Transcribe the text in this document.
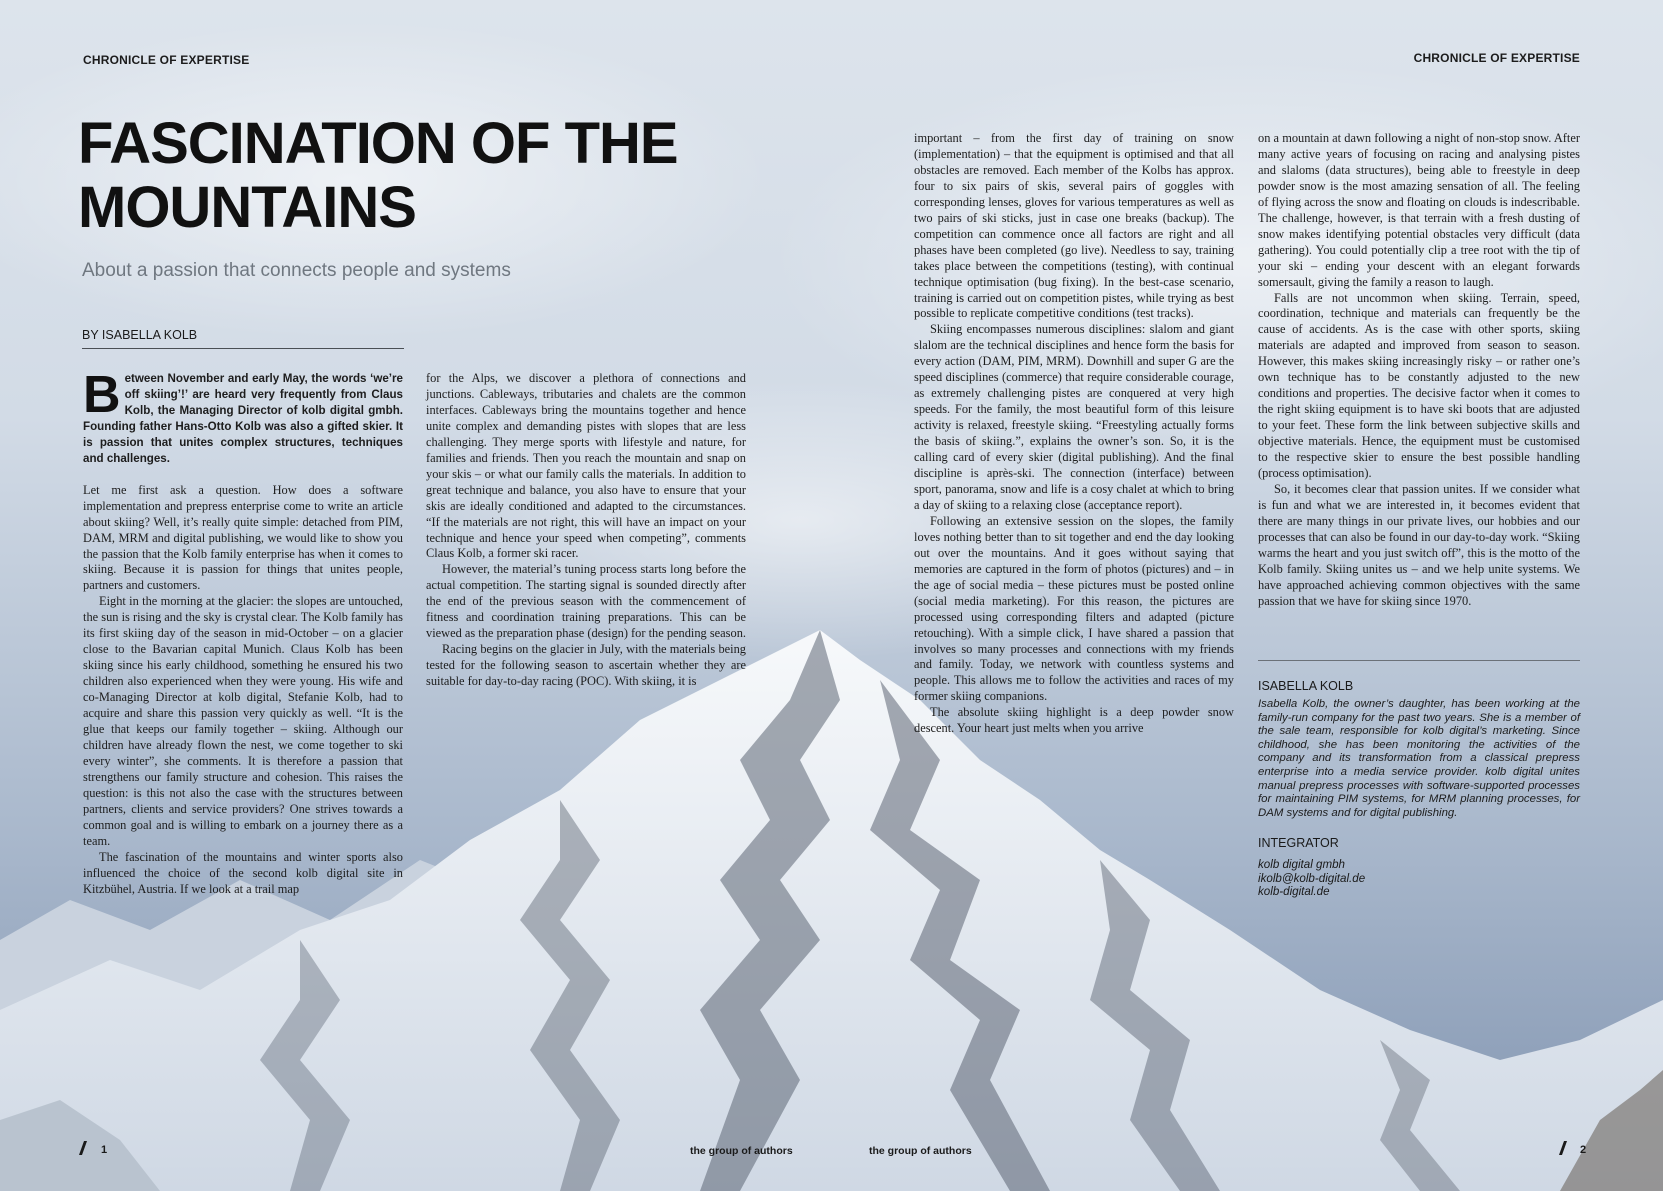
CHRONICLE OF EXPERTISE	CHRONICLE OF EXPERTISE
FASCINATION OF THE MOUNTAINS
About a passion that connects people and systems
BY ISABELLA KOLB

Between November and early May, the words ‘we’re off skiing’!’ are heard very frequently from Claus Kolb, the Managing Director of kolb digital gmbh. Founding father Hans-Otto Kolb was also a gifted skier. It is passion that unites complex structures, techniques and challenges.

Let me first ask a question. How does a software implementation and prepress enterprise come to write an article about skiing? Well, it’s really quite simple: detached from PIM, DAM, MRM and digital publishing, we would like to show you the passion that the Kolb family enterprise has when it comes to skiing. Because it is passion for things that unites people, partners and customers.

Eight in the morning at the glacier: the slopes are untouched, the sun is rising and the sky is crystal clear. The Kolb family has its first skiing day of the season in mid-October – on a glacier close to the Bavarian capital Munich. Claus Kolb has been skiing since his early childhood, something he ensured his two children also experienced when they were young. His wife and co-Managing Director at kolb digital, Stefanie Kolb, had to acquire and share this passion very quickly as well. “It is the glue that keeps our family together – skiing. Although our children have already flown the nest, we come together to ski every winter”, she comments. It is therefore a passion that strengthens our family structure and cohesion. This raises the question: is this not also the case with the structures between partners, clients and service providers? One strives towards a common goal and is willing to embark on a journey there as a team.

The fascination of the mountains and winter sports also influenced the choice of the second kolb digital site in Kitzbühel, Austria. If we look at a trail map

for the Alps, we discover a plethora of connections and junctions. Cableways, tributaries and chalets are the common interfaces. Cableways bring the mountains together and hence unite complex and demanding pistes with slopes that are less challenging. They merge sports with lifestyle and nature, for families and friends. Then you reach the mountain and snap on your skis – or what our family calls the materials. In addition to great technique and balance, you also have to ensure that your skis are ideally conditioned and adapted to the circumstances. “If the materials are not right, this will have an impact on your technique and hence your speed when competing”, comments Claus Kolb, a former ski racer.

However, the material’s tuning process starts long before the actual competition. The starting signal is sounded directly after the end of the previous season with the commencement of fitness and coordination training preparations. This can be viewed as the preparation phase (design) for the pending season.

Racing begins on the glacier in July, with the materials being tested for the following season to ascertain whether they are suitable for day-to-day racing (POC). With skiing, it is

important – from the first day of training on snow (implementation) – that the equipment is optimised and that all obstacles are removed. Each member of the Kolbs has approx. four to six pairs of skis, several pairs of goggles with corresponding lenses, gloves for various temperatures as well as two pairs of ski sticks, just in case one breaks (backup). The competition can commence once all factors are right and all phases have been completed (go live). Needless to say, training takes place between the competitions (testing), with continual technique optimisation (bug fixing). In the best-case scenario, training is carried out on competition pistes, while trying as best possible to replicate competitive conditions (test tracks).

Skiing encompasses numerous disciplines: slalom and giant slalom are the technical disciplines and hence form the basis for every action (DAM, PIM, MRM). Downhill and super G are the speed disciplines (commerce) that require considerable courage, as extremely challenging pistes are conquered at very high speeds. For the family, the most beautiful form of this leisure activity is relaxed, freestyle skiing. “Freestyling actually forms the basis of skiing.”, explains the owner’s son. So, it is the calling card of every skier (digital publishing). And the final discipline is après-ski. The connection (interface) between sport, panorama, snow and life is a cosy chalet at which to bring a day of skiing to a relaxing close (acceptance report).

Following an extensive session on the slopes, the family loves nothing better than to sit together and end the day looking out over the mountains. And it goes without saying that memories are captured in the form of photos (pictures) and – in the age of social media – these pictures must be posted online (social media marketing). For this reason, the pictures are processed using corresponding filters and adapted (picture retouching). With a simple click, I have shared a passion that involves so many processes and connections with my friends and family. Today, we network with countless systems and people. This allows me to follow the activities and races of my former skiing companions.

The absolute skiing highlight is a deep powder snow descent. Your heart just melts when you arrive

on a mountain at dawn following a night of non-stop snow. After many active years of focusing on racing and analysing pistes and slaloms (data structures), being able to freestyle in deep powder snow is the most amazing sensation of all. The feeling of flying across the snow and floating on clouds is indescribable. The challenge, however, is that terrain with a fresh dusting of snow makes identifying potential obstacles very difficult (data gathering). You could potentially clip a tree root with the tip of your ski – ending your descent with an elegant forwards somersault, giving the family a reason to laugh.

Falls are not uncommon when skiing. Terrain, speed, coordination, technique and materials can frequently be the cause of accidents. As is the case with other sports, skiing materials are adapted and improved from season to season. However, this makes skiing increasingly risky – or rather one’s own technique has to be constantly adjusted to the new conditions and properties. The decisive factor when it comes to the right skiing equipment is to have ski boots that are adjusted to your feet. These form the link between subjective skills and objective materials. Hence, the equipment must be customised to the respective skier to ensure the best possible handling (process optimisation).

So, it becomes clear that passion unites. If we consider what is fun and what we are interested in, it becomes evident that there are many things in our private lives, our hobbies and our processes that can also be found in our day-to-day work. “Skiing warms the heart and you just switch off”, this is the motto of the Kolb family. Skiing unites us – and we help unite systems. We have approached achieving common objectives with the same passion that we have for skiing since 1970.

ISABELLA KOLB
Isabella Kolb, the owner’s daughter, has been working at the family-run company for the past two years. She is a member of the sale team, responsible for kolb digital’s marketing. Since childhood, she has been monitoring the activities of the company and its transformation from a classical prepress enterprise into a media service provider. kolb digital unites manual prepress processes with software-supported processes for maintaining PIM systems, for MRM planning processes, for DAM systems and for digital publishing.
INTEGRATOR
kolb digital gmbh
ikolb@kolb-digital.de
kolb-digital.de
1	the group of authors	the group of authors	2
